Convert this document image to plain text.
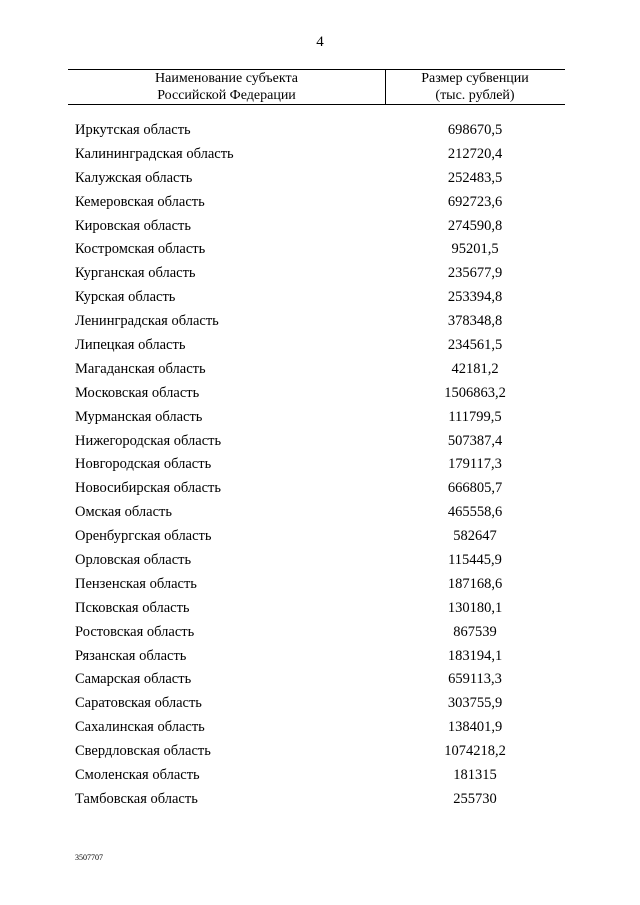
4
Наименование субъекта
Российской Федерации
Размер субвенции
(тыс. рублей)
Иркутская область	698670,5
Калининградская область	212720,4
Калужская область	252483,5
Кемеровская область	692723,6
Кировская область	274590,8
Костромская область	95201,5
Курганская область	235677,9
Курская область	253394,8
Ленинградская область	378348,8
Липецкая область	234561,5
Магаданская область	42181,2
Московская область	1506863,2
Мурманская область	111799,5
Нижегородская область	507387,4
Новгородская область	179117,3
Новосибирская область	666805,7
Омская область	465558,6
Оренбургская область	582647
Орловская область	115445,9
Пензенская область	187168,6
Псковская область	130180,1
Ростовская область	867539
Рязанская область	183194,1
Самарская область	659113,3
Саратовская область	303755,9
Сахалинская область	138401,9
Свердловская область	1074218,2
Смоленская область	181315
Тамбовская область	255730
3507707
